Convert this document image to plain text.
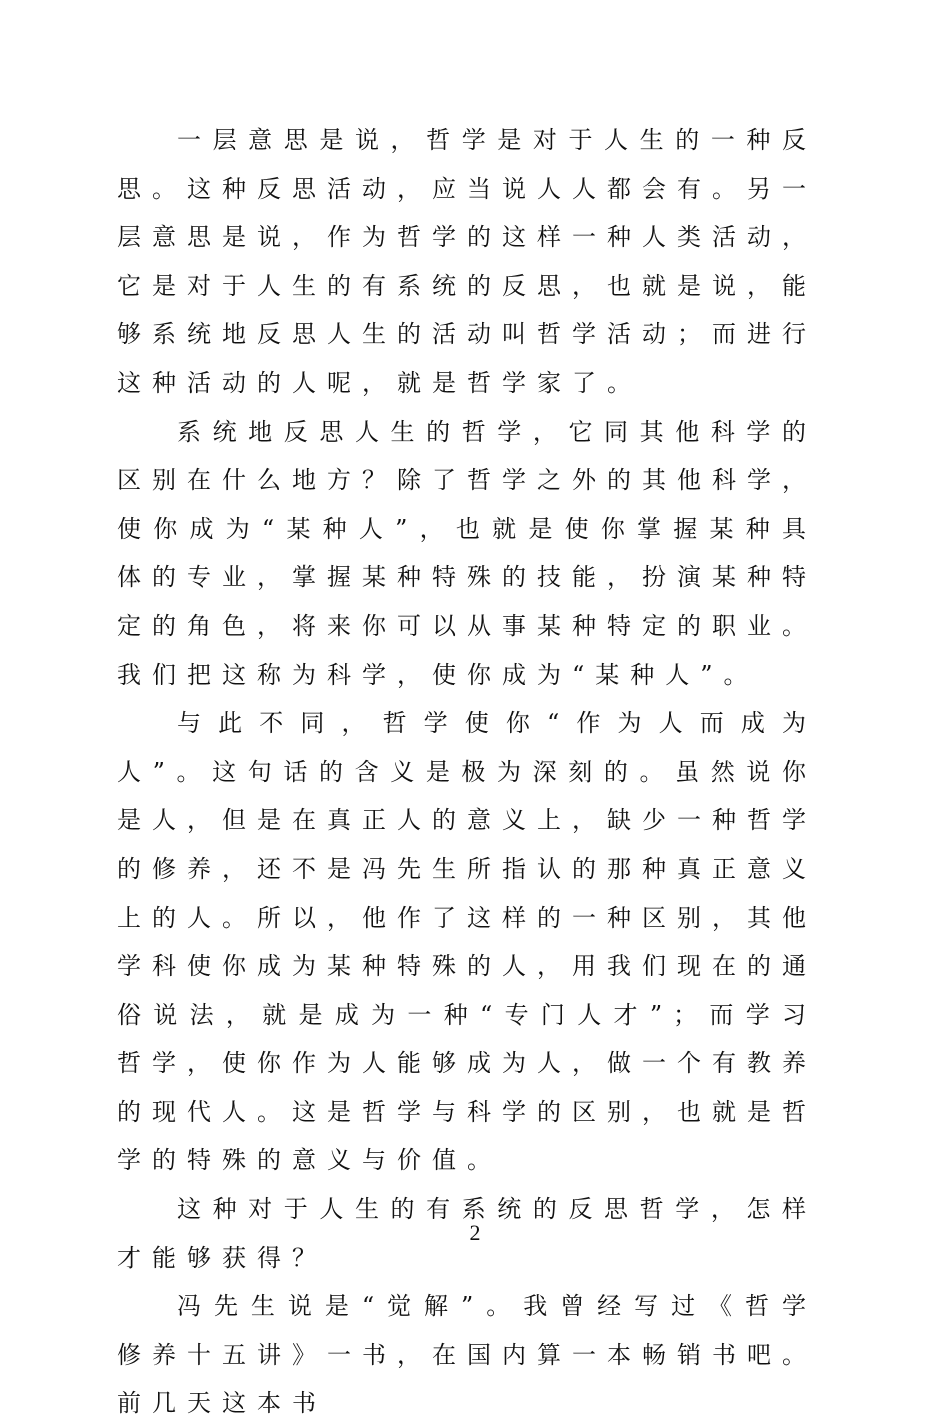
一层意思是说，哲学是对于人生的一种反思。这种反思活动，应当说人人都会有。另一层意思是说，作为哲学的这样一种人类活动，它是对于人生的有系统的反思，也就是说，能够系统地反思人生的活动叫哲学活动；而进行这种活动的人呢，就是哲学家了。

系统地反思人生的哲学，它同其他科学的区别在什么地方？除了哲学之外的其他科学，使你成为“某种人”，也就是使你掌握某种具体的专业，掌握某种特殊的技能，扮演某种特定的角色，将来你可以从事某种特定的职业。我们把这称为科学，使你成为“某种人”。

与此不同，哲学使你“作为人而成为人”。这句话的含义是极为深刻的。虽然说你是人，但是在真正人的意义上，缺少一种哲学的修养，还不是冯先生所指认的那种真正意义上的人。所以，他作了这样的一种区别，其他学科使你成为某种特殊的人，用我们现在的通俗说法，就是成为一种“专门人才”；而学习哲学，使你作为人能够成为人，做一个有教养的现代人。这是哲学与科学的区别，也就是哲学的特殊的意义与价值。

这种对于人生的有系统的反思哲学，怎样才能够获得？

冯先生说是“觉解”。我曾经写过《哲学修养十五讲》一书，在国内算一本畅销书吧。前几天这本书

2
